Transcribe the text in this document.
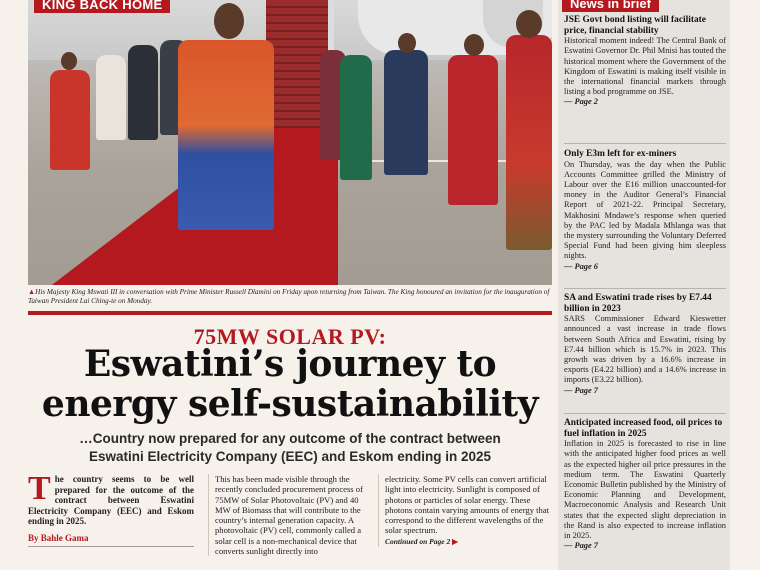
KING BACK HOME
▲His Majesty King Mswati III in conversation with Prime Minister Russell Dlamini on Friday upon returning from Taiwan. The King honoured an invitation for the inauguration of Taiwan President Lai Ching-te on Monday.
75MW SOLAR PV:
Eswatini’s journey to
energy self-sustainability
…Country now prepared for any outcome of the contract between
Eswatini Electricity Company (EEC) and Eskom ending in 2025
The country seems to be well prepared for the outcome of the contract between Eswatini Electricity Company (EEC) and Eskom ending in 2025.
By Bahle Gama
This has been made visible through the recently concluded procurement process of 75MW of Solar Photovoltaic (PV) and 40 MW of Biomass that will contribute to the country’s internal generation capacity. A photovoltaic (PV) cell, commonly called a solar cell is a non-mechanical device that converts sunlight directly into
electricity. Some PV cells can convert artificial light into electricity. Sunlight is composed of photons or particles of solar energy. These photons contain varying amounts of energy that correspond to the different wavelengths of the solar spectrum.
Continued on Page 2 ▶
News in brief
JSE Govt bond listing will facilitate price, financial stability

Historical moment indeed! The Central Bank of Eswatini Governor Dr. Phil Mnisi has touted the historical moment where the Government of the Kingdom of Eswatini is making itself visible in the international financial markets through listing a bod programme on JSE.

— Page 2
Only E3m left for ex-miners

On Thursday, was the day when the Public Accounts Committee grilled the Ministry of Labour over the E16 million unaccounted-for money in the Auditor General’s Financial Report of 2021-22. Principal Secretary, Makhosini Mndawe’s response when queried by the PAC led by Madala Mhlanga was that the mystery surrounding the Voluntary Deferred Special Fund had been giving him sleepless nights.

— Page 6
SA and Eswatini trade rises by E7.44 billion in 2023

SARS Commissioner Edward Kieswetter announced a vast increase in trade flows between South Africa and Eswatini, rising by E7.44 billion which is 15.7% in 2023. This growth was driven by a 16.6% increase in exports (E4.22 billion) and a 14.6% increase in imports (E3.22 billion).

— Page 7
Anticipated increased food, oil prices to fuel inflation in 2025

Inflation in 2025 is forecasted to rise in line with the anticipated higher food prices as well as the expected higher oil price pressures in the medium term. The Eswatini Quarterly Economic Bulletin published by the Ministry of Economic Planning and Development, Macroeconomic Analysis and Research Unit states that the expected slight depreciation in the Rand is also expected to increase inflation in 2025.

— Page 7
